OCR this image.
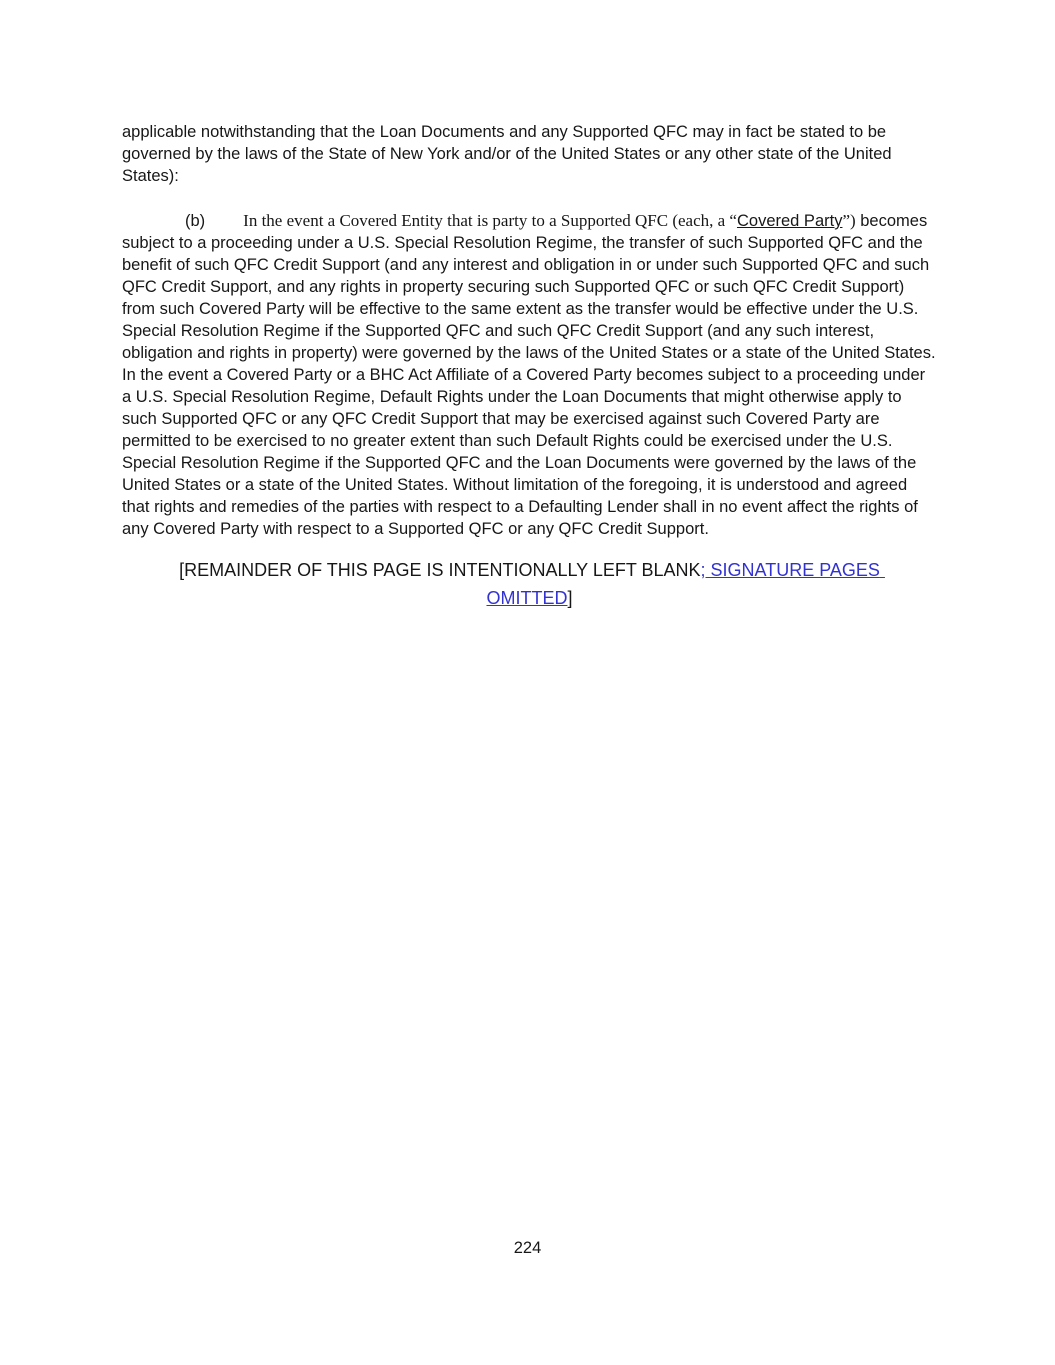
applicable notwithstanding that the Loan Documents and any Supported QFC may in fact be stated to be governed by the laws of the State of New York and/or of the United States or any other state of the United States):

(b) In the event a Covered Entity that is party to a Supported QFC (each, a “Covered Party”) becomes subject to a proceeding under a U.S. Special Resolution Regime, the transfer of such Supported QFC and the benefit of such QFC Credit Support (and any interest and obligation in or under such Supported QFC and such QFC Credit Support, and any rights in property securing such Supported QFC or such QFC Credit Support) from such Covered Party will be effective to the same extent as the transfer would be effective under the U.S. Special Resolution Regime if the Supported QFC and such QFC Credit Support (and any such interest, obligation and rights in property) were governed by the laws of the United States or a state of the United States. In the event a Covered Party or a BHC Act Affiliate of a Covered Party becomes subject to a proceeding under a U.S. Special Resolution Regime, Default Rights under the Loan Documents that might otherwise apply to such Supported QFC or any QFC Credit Support that may be exercised against such Covered Party are permitted to be exercised to no greater extent than such Default Rights could be exercised under the U.S. Special Resolution Regime if the Supported QFC and the Loan Documents were governed by the laws of the United States or a state of the United States. Without limitation of the foregoing, it is understood and agreed that rights and remedies of the parties with respect to a Defaulting Lender shall in no event affect the rights of any Covered Party with respect to a Supported QFC or any QFC Credit Support.

[REMAINDER OF THIS PAGE IS INTENTIONALLY LEFT BLANK; SIGNATURE PAGES OMITTED]
224
